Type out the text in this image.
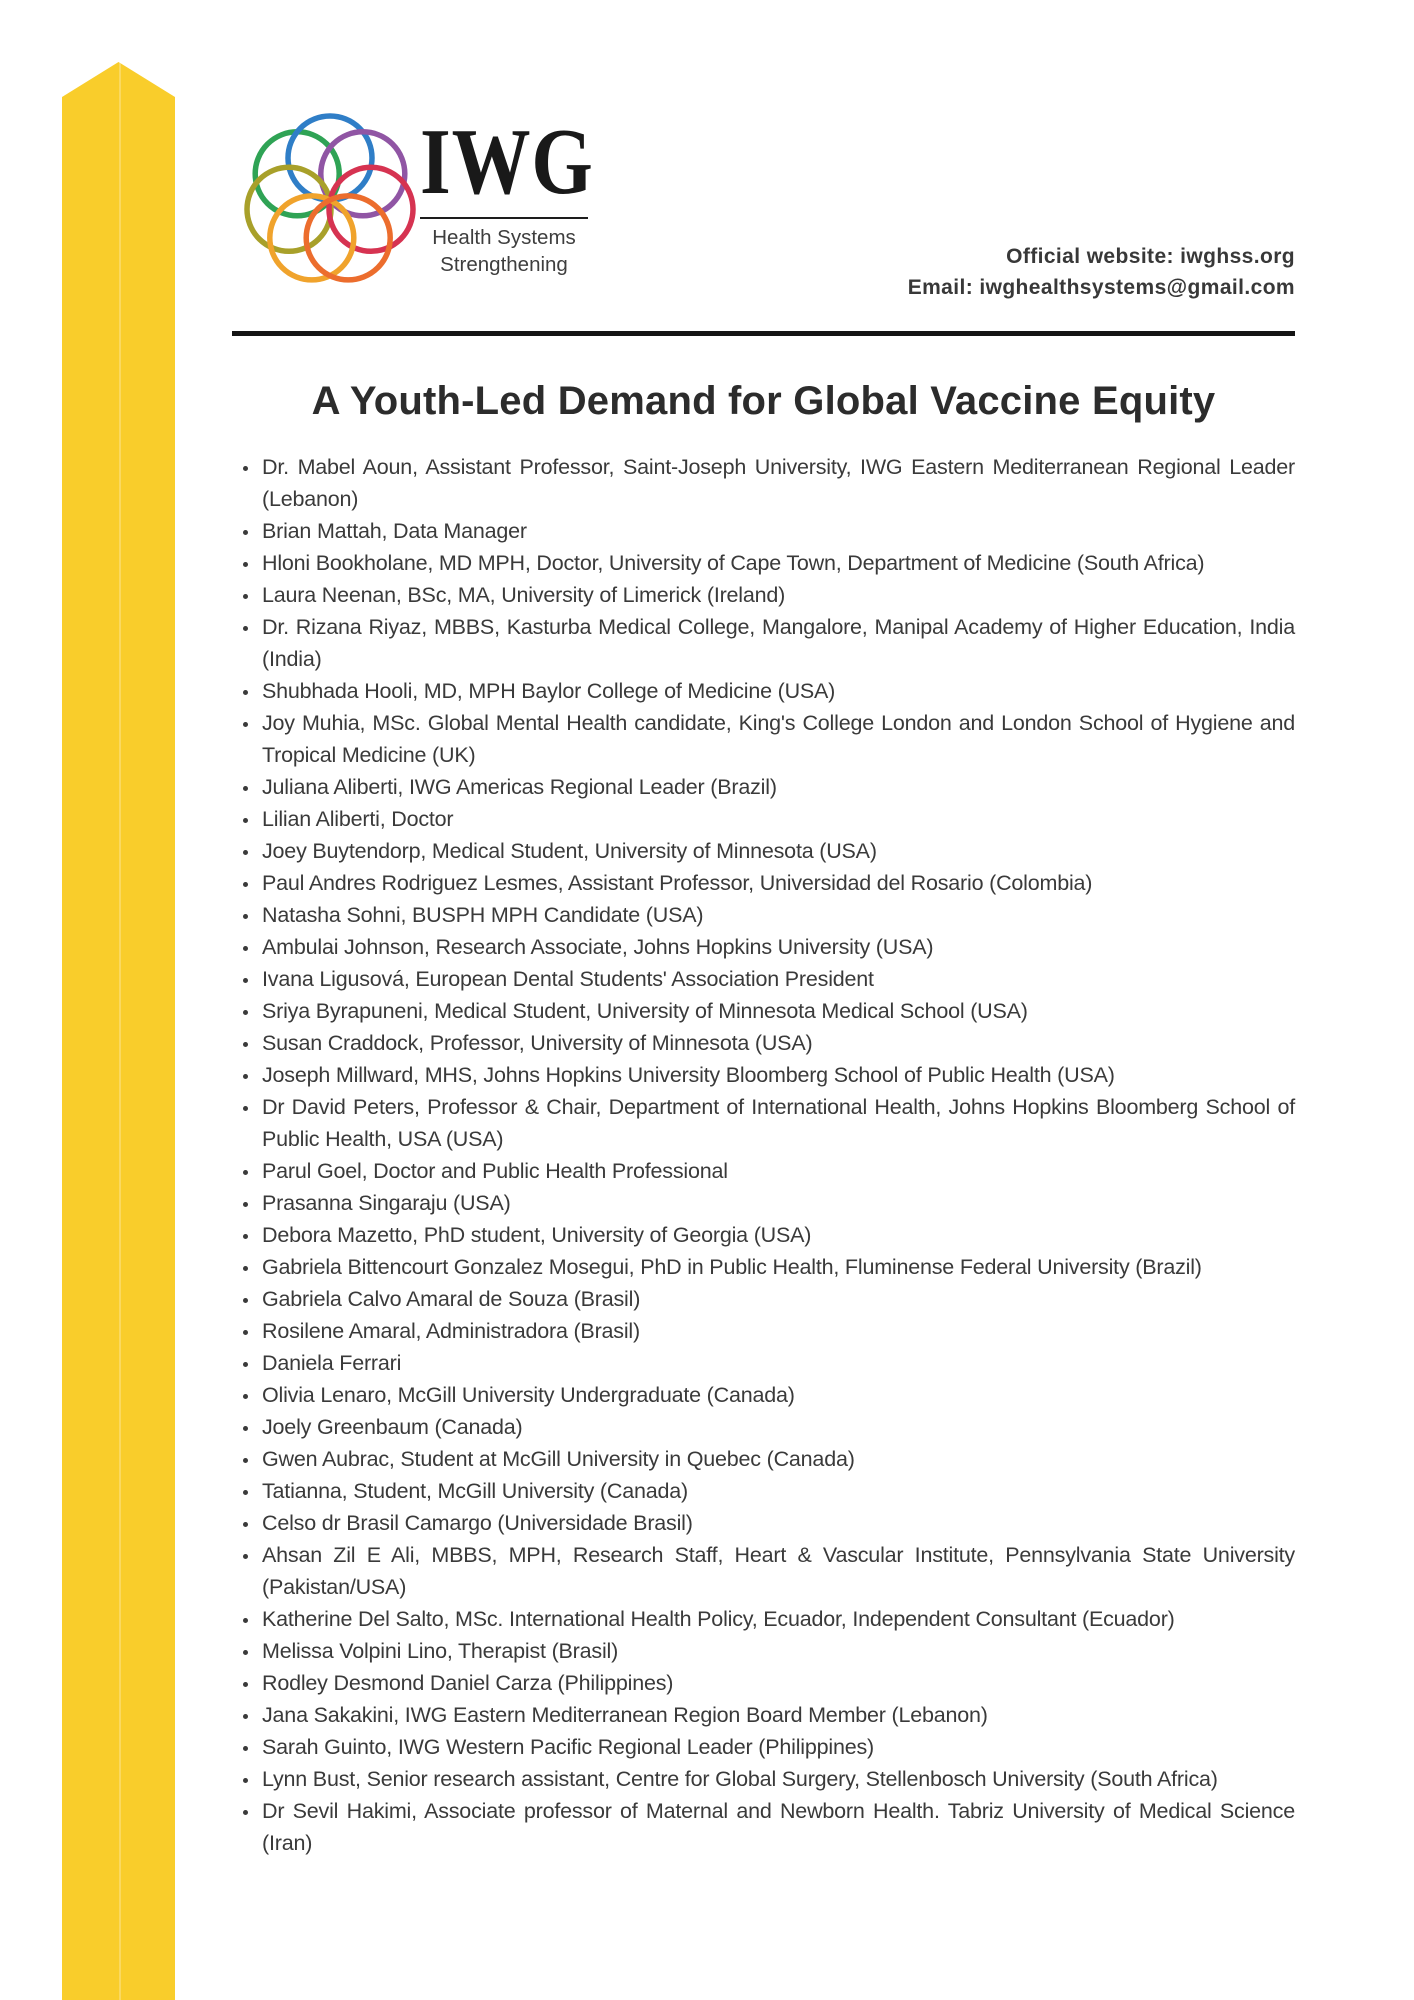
IWG
Health Systems
Strengthening	Official website: iwghss.org
Email: iwghealthsystems@gmail.com
A Youth-Led Demand for Global Vaccine Equity
• Dr. Mabel Aoun, Assistant Professor, Saint-Joseph University, IWG Eastern Mediterranean Regional Leader (Lebanon)
• Brian Mattah, Data Manager
• Hloni Bookholane, MD MPH, Doctor, University of Cape Town, Department of Medicine (South Africa)
• Laura Neenan, BSc, MA, University of Limerick (Ireland)
• Dr. Rizana Riyaz, MBBS, Kasturba Medical College, Mangalore, Manipal Academy of Higher Education, India (India)
• Shubhada Hooli, MD, MPH Baylor College of Medicine (USA)
• Joy Muhia, MSc. Global Mental Health candidate, King's College London and London School of Hygiene and Tropical Medicine (UK)
• Juliana Aliberti, IWG Americas Regional Leader (Brazil)
• Lilian Aliberti, Doctor
• Joey Buytendorp, Medical Student, University of Minnesota (USA)
• Paul Andres Rodriguez Lesmes, Assistant Professor, Universidad del Rosario (Colombia)
• Natasha Sohni, BUSPH MPH Candidate (USA)
• Ambulai Johnson, Research Associate, Johns Hopkins University (USA)
• Ivana Ligusová, European Dental Students' Association President
• Sriya Byrapuneni, Medical Student, University of Minnesota Medical School (USA)
• Susan Craddock, Professor, University of Minnesota (USA)
• Joseph Millward, MHS, Johns Hopkins University Bloomberg School of Public Health (USA)
• Dr David Peters, Professor & Chair, Department of International Health, Johns Hopkins Bloomberg School of Public Health, USA (USA)
• Parul Goel, Doctor and Public Health Professional
• Prasanna Singaraju (USA)
• Debora Mazetto, PhD student, University of Georgia (USA)
• Gabriela Bittencourt Gonzalez Mosegui, PhD in Public Health, Fluminense Federal University (Brazil)
• Gabriela Calvo Amaral de Souza (Brasil)
• Rosilene Amaral, Administradora (Brasil)
• Daniela Ferrari
• Olivia Lenaro, McGill University Undergraduate (Canada)
• Joely Greenbaum (Canada)
• Gwen Aubrac, Student at McGill University in Quebec (Canada)
• Tatianna, Student, McGill University (Canada)
• Celso dr Brasil Camargo (Universidade Brasil)
• Ahsan Zil E Ali, MBBS, MPH, Research Staff, Heart & Vascular Institute, Pennsylvania State University (Pakistan/USA)
• Katherine Del Salto, MSc. International Health Policy, Ecuador, Independent Consultant (Ecuador)
• Melissa Volpini Lino, Therapist (Brasil)
• Rodley Desmond Daniel Carza (Philippines)
• Jana Sakakini, IWG Eastern Mediterranean Region Board Member (Lebanon)
• Sarah Guinto, IWG Western Pacific Regional Leader (Philippines)
• Lynn Bust, Senior research assistant, Centre for Global Surgery, Stellenbosch University (South Africa)
• Dr Sevil Hakimi, Associate professor of Maternal and Newborn Health. Tabriz University of Medical Science (Iran)
